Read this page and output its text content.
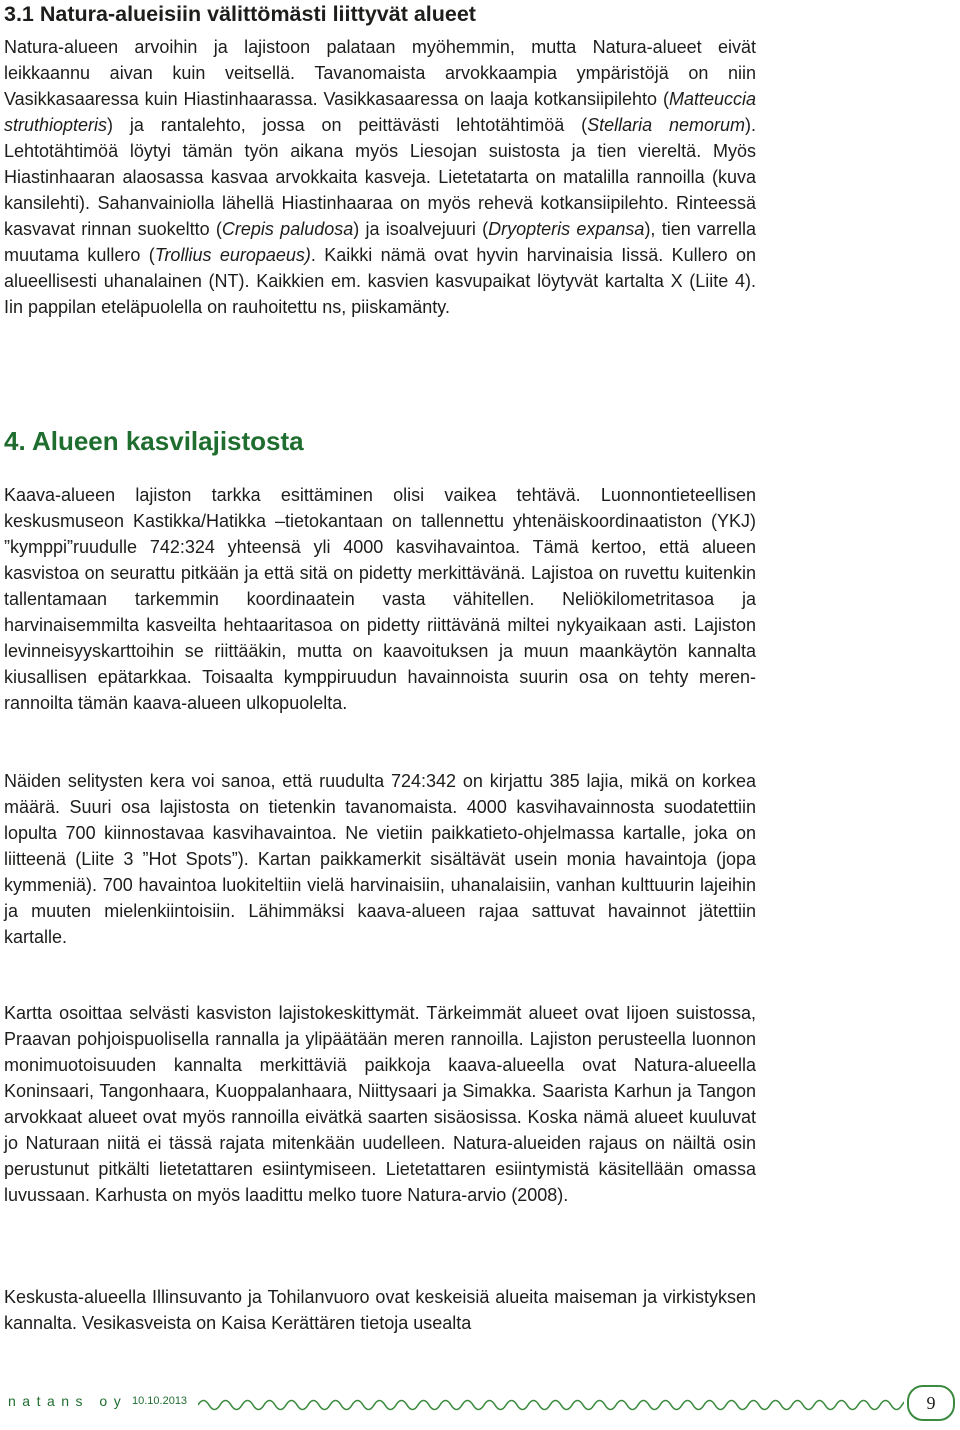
3.1 Natura-alueisiin välittömästi liittyvät alueet

Natura-alueen arvoihin ja lajistoon palataan myöhemmin, mutta Natura-alueet eivät leikkaannu aivan kuin veitsellä. Tavanomaista arvokkaampia ympäristöjä on niin Vasikkasaaressa kuin Hiastinhaarassa. Vasikkasaaressa on laaja kotkansiipilehto (Matteuccia struthiopteris) ja rantalehto, jossa on peittävästi lehtotähtimöä (Stellaria nemorum). Lehtotähtimöä löytyi tämän työn aikana myös Liesojan suistosta ja tien viereltä. Myös Hiastinhaaran alaosassa kasvaa arvokkaita kasveja. Lietetatarta on matalilla rannoilla (kuva kansilehti). Sahanvainiolla lähellä Hiastinhaaraa on myös rehevä kotkansiipilehto. Rinteessä kasvavat rinnan suokeltto (Crepis paludosa) ja isoalvejuuri (Dryopteris expansa), tien varrella muutama kullero (Trollius europaeus). Kaikki nämä ovat hyvin harvinaisia Iissä. Kullero on alueellisesti uhanalainen (NT). Kaikkien em. kasvien kasvupaikat löytyvät kartalta X (Liite 4). Iin pappilan eteläpuolella on rauhoitettu ns, piiskamänty.

4. Alueen kasvilajistosta

Kaava-alueen lajiston tarkka esittäminen olisi vaikea tehtävä. Luonnontieteellisen keskusmuseon Kastikka/Hatikka –tietokantaan on tallennettu yhtenäiskoordinaatiston (YKJ) ”kymppi”ruudulle 742:324 yhteensä yli 4000 kasvihavaintoa. Tämä kertoo, että alueen kasvistoa on seurattu pitkään ja että sitä on pidetty merkittävänä. Lajistoa on ruvettu kuitenkin tallentamaan tarkemmin koordinaatein vasta vähitellen. Neliökilometritasoa ja harvinaisemmilta kasveilta hehtaaritasoa on pidetty riittävänä miltei nykyaikaan asti. Lajiston levinneisyyskarttoihin se riittääkin, mutta on kaavoituksen ja muun maankäytön kannalta kiusallisen epätarkkaa. Toisaalta kymppiruudun havainnoista suurin osa on tehty merenrannoilta tämän kaava-alueen ulkopuolelta.

Näiden selitysten kera voi sanoa, että ruudulta 724:342 on kirjattu 385 lajia, mikä on korkea määrä. Suuri osa lajistosta on tietenkin tavanomaista. 4000 kasvihavainnosta suodatettiin lopulta 700 kiinnostavaa kasvihavaintoa. Ne vietiin paikkatieto-ohjelmassa kartalle, joka on liitteenä (Liite 3 ”Hot Spots”). Kartan paikkamerkit sisältävät usein monia havaintoja (jopa kymmeniä). 700 havaintoa luokiteltiin vielä harvinaisiin, uhanalaisiin, vanhan kulttuurin lajeihin ja muuten mielenkiintoisiin. Lähimmäksi kaava-alueen rajaa sattuvat havainnot jätettiin kartalle.

Kartta osoittaa selvästi kasviston lajistokeskittymät. Tärkeimmät alueet ovat Iijoen suistossa, Praavan pohjoispuolisella rannalla ja ylipäätään meren rannoilla. Lajiston perusteella luonnon monimuotoisuuden kannalta merkittäviä paikkoja kaava-alueella ovat Natura-alueella Koninsaari, Tangonhaara, Kuoppalanhaara, Niittysaari ja Simakka. Saarista Karhun ja Tangon arvokkaat alueet ovat myös rannoilla eivätkä saarten sisäosissa. Koska nämä alueet kuuluvat jo Naturaan niitä ei tässä rajata mitenkään uudelleen. Natura-alueiden rajaus on näiltä osin perustunut pitkälti lietetattaren esiintymiseen. Lietetattaren esiintymistä käsitellään omassa luvussaan. Karhusta on myös laadittu melko tuore Natura-arvio (2008).

Keskusta-alueella Illinsuvanto ja Tohilanvuoro ovat keskeisiä alueita maiseman ja virkistyksen kannalta. Vesikasveista on Kaisa Kerättären tietoja usealta

natans oy 10.10.2013	9
